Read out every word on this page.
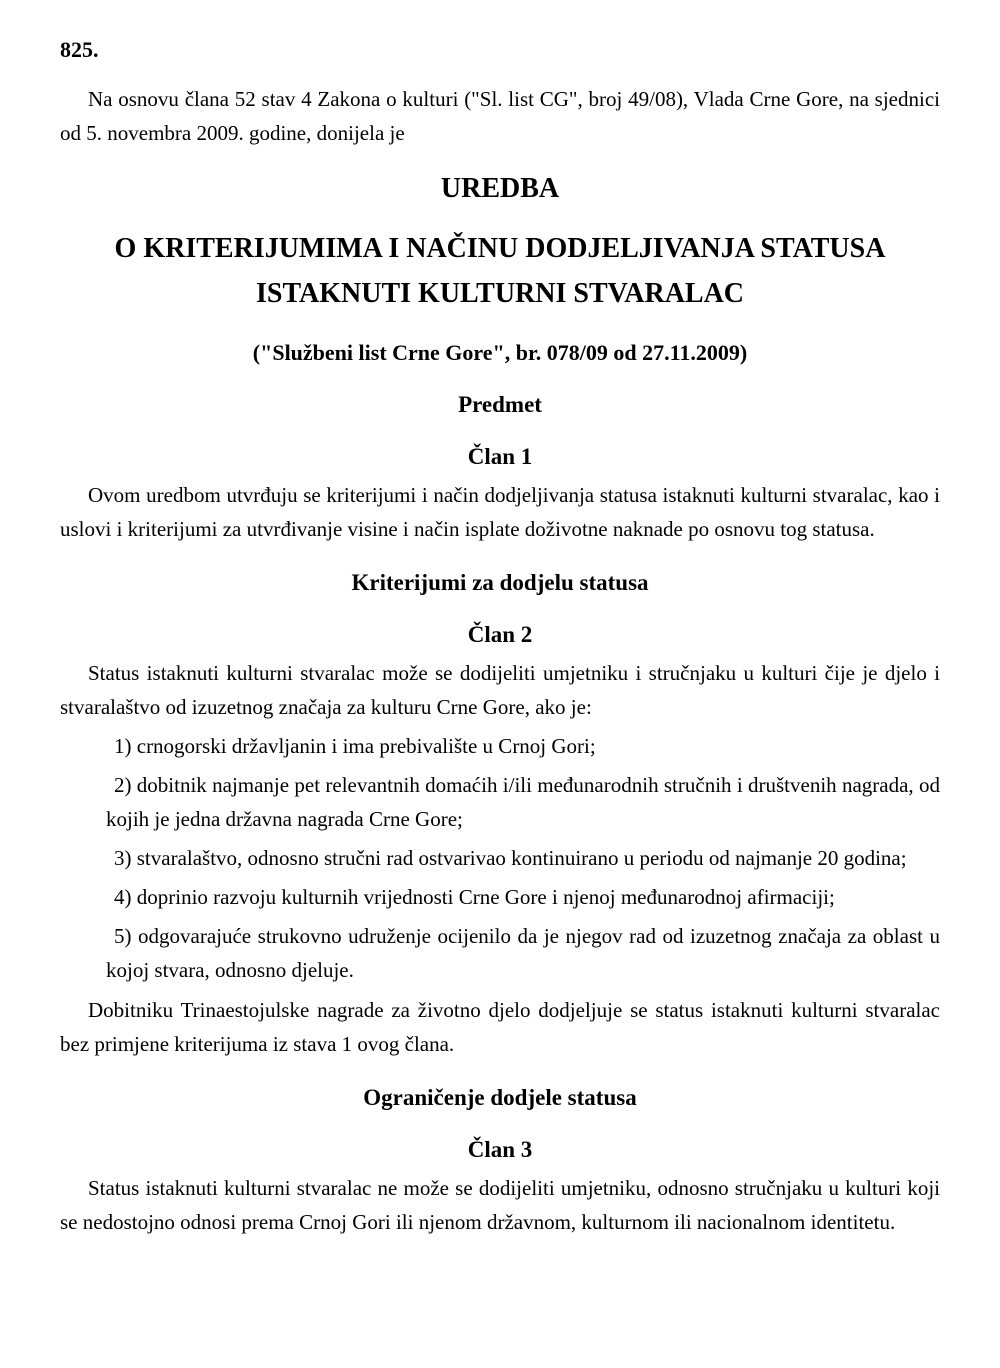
825.

Na osnovu člana 52 stav 4 Zakona o kulturi ("Sl. list CG", broj 49/08), Vlada Crne Gore, na sjednici od 5. novembra 2009. godine, donijela je

UREDBA
O KRITERIJUMIMA I NAČINU DODJELJIVANJA STATUSA ISTAKNUTI KULTURNI STVARALAC
("Službeni list Crne Gore", br. 078/09 od 27.11.2009)
Predmet
Član 1

Ovom uredbom utvrđuju se kriterijumi i način dodjeljivanja statusa istaknuti kulturni stvaralac, kao i uslovi i kriterijumi za utvrđivanje visine i način isplate doživotne naknade po osnovu tog statusa.

Kriterijumi za dodjelu statusa
Član 2

Status istaknuti kulturni stvaralac može se dodijeliti umjetniku i stručnjaku u kulturi čije je djelo i stvaralaštvo od izuzetnog značaja za kulturu Crne Gore, ako je:

1) crnogorski državljanin i ima prebivalište u Crnoj Gori;

2) dobitnik najmanje pet relevantnih domaćih i/ili međunarodnih stručnih i društvenih nagrada, od kojih je jedna državna nagrada Crne Gore;

3) stvaralaštvo, odnosno stručni rad ostvarivao kontinuirano u periodu od najmanje 20 godina;

4) doprinio razvoju kulturnih vrijednosti Crne Gore i njenoj međunarodnoj afirmaciji;

5) odgovarajuće strukovno udruženje ocijenilo da je njegov rad od izuzetnog značaja za oblast u kojoj stvara, odnosno djeluje.

Dobitniku Trinaestojulske nagrade za životno djelo dodjeljuje se status istaknuti kulturni stvaralac bez primjene kriterijuma iz stava 1 ovog člana.

Ograničenje dodjele statusa
Član 3

Status istaknuti kulturni stvaralac ne može se dodijeliti umjetniku, odnosno stručnjaku u kulturi koji se nedostojno odnosi prema Crnoj Gori ili njenom državnom, kulturnom ili nacionalnom identitetu.
